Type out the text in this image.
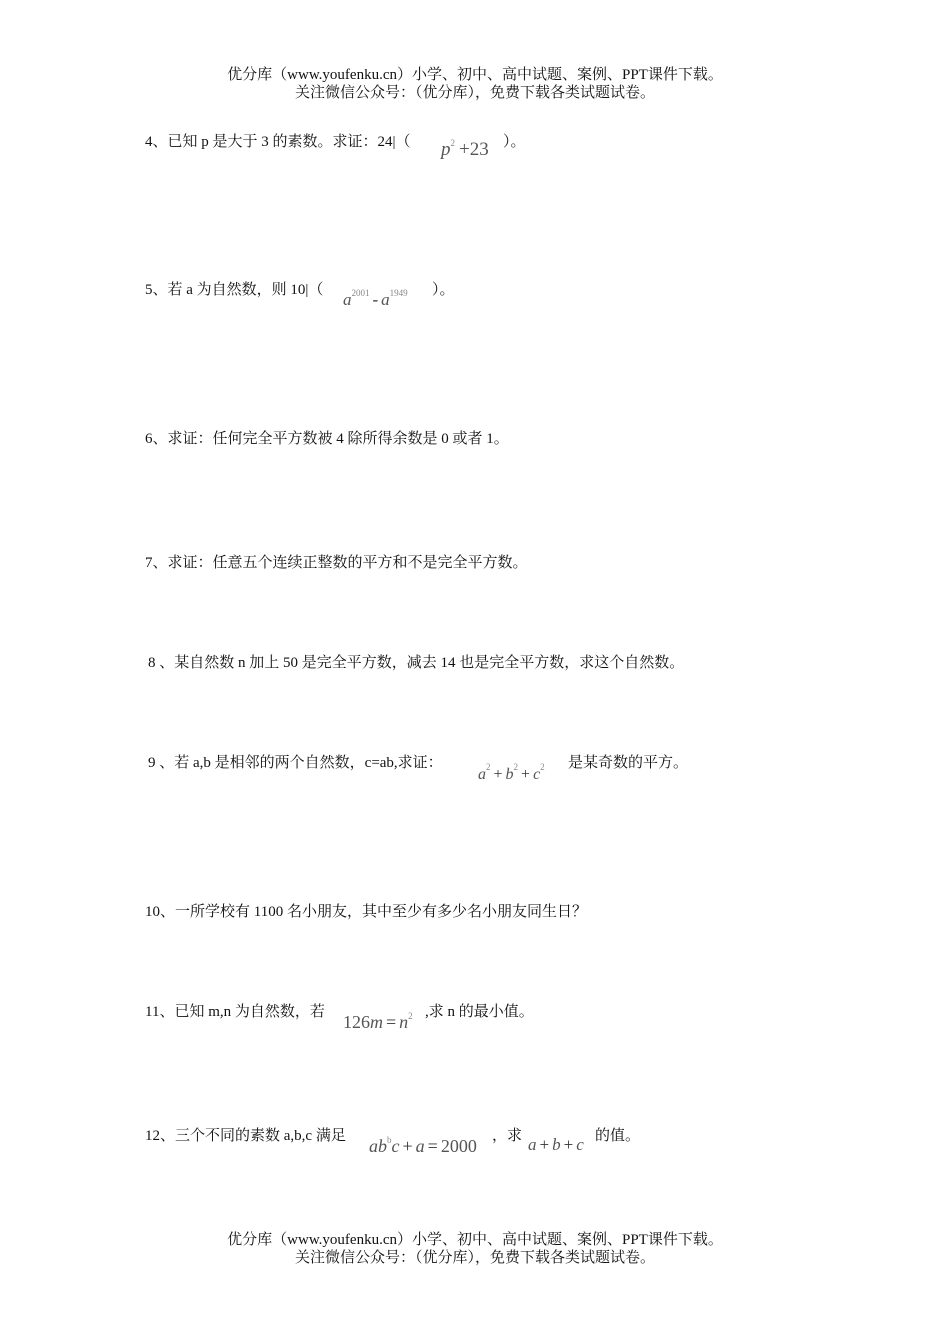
优分库（www.youfenku.cn）小学、初中、高中试题、案例、PPT课件下载。
关注微信公众号：（优分库），免费下载各类试题试卷。
4、已知 p 是大于 3 的素数。求证：24|（ $p^2 +23$ ）。
5、若 a 为自然数，则 10|（ $a^{2001} - a^{1949}$ ）。
6、求证：任何完全平方数被 4 除所得余数是 0 或者 1。
7、求证：任意五个连续正整数的平方和不是完全平方数。
8 、某自然数 n 加上 50 是完全平方数，减去 14 也是完全平方数，求这个自然数。
9 、若 a,b 是相邻的两个自然数，c=ab,求证：
$a^2 + b^2 + c^2$ 是某奇数的平方。
10、一所学校有 1100 名小朋友，其中至少有多少名小朋友同生日？
11、已知 m,n 为自然数，若 $126m = n^2$ ,求 n 的最小值。
12、三个不同的素数 a,b,c 满足 $ab^bc + a = 2000$ ，求 a + b + c 的值。
优分库（www.youfenku.cn）小学、初中、高中试题、案例、PPT课件下载。
关注微信公众号：（优分库），免费下载各类试题试卷。
